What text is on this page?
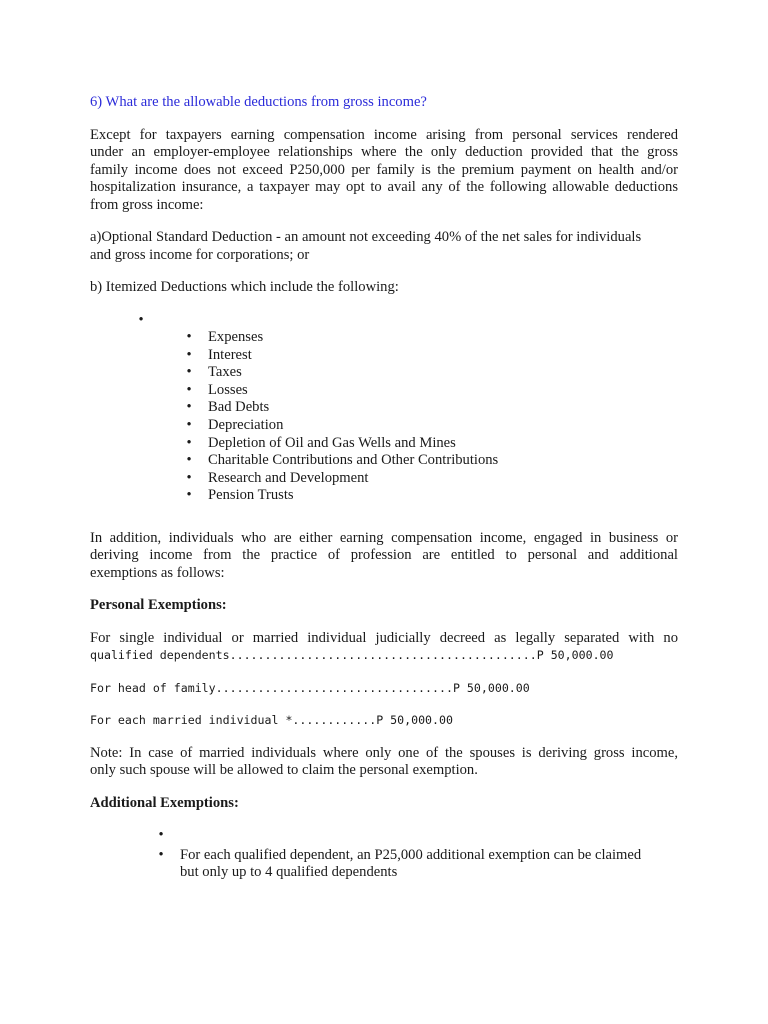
6) What are the allowable deductions from gross income?

Except for taxpayers earning compensation income arising from personal services rendered
under an employer-employee relationships where the only deduction provided that the gross
family income does not exceed P250,000 per family is the premium payment on health and/or
hospitalization insurance, a taxpayer may opt to avail any of the following allowable deductions
from gross income:

a)Optional Standard Deduction - an amount not exceeding 40% of the net sales for individuals
and gross income for corporations; or

b) Itemized Deductions which include the following:

•
• Expenses
• Interest
• Taxes
• Losses
• Bad Debts
• Depreciation
• Depletion of Oil and Gas Wells and Mines
• Charitable Contributions and Other Contributions
• Research and Development
• Pension Trusts

In addition, individuals who are either earning compensation income, engaged in business or
deriving income from the practice of profession are entitled to personal and additional
exemptions as follows:

Personal Exemptions:

For single individual or married individual judicially decreed as legally separated with no
qualified dependents............................................P 50,000.00

For head of family..................................P 50,000.00

For each married individual *............P 50,000.00

Note: In case of married individuals where only one of the spouses is deriving gross income,
only such spouse will be allowed to claim the personal exemption.

Additional Exemptions:
•
• For each qualified dependent, an P25,000 additional exemption can be claimed
but only up to 4 qualified dependents
